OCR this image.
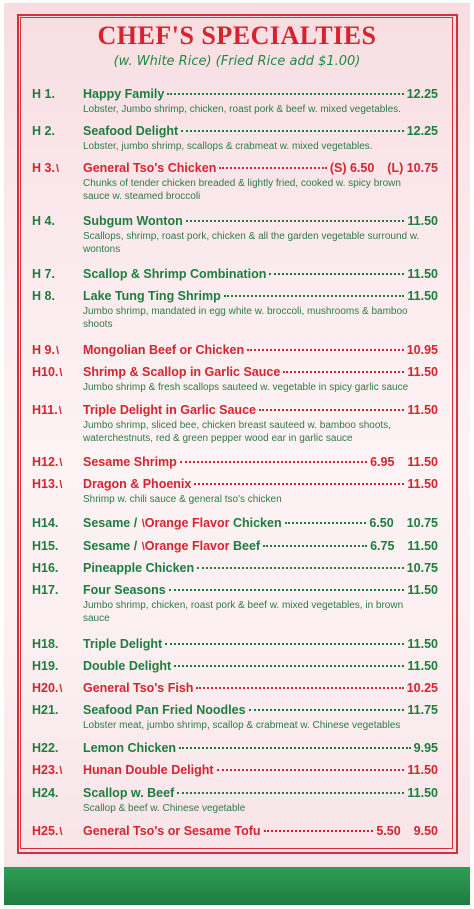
CHEF'S SPECIALTIES
(w. White Rice) (Fried Rice add $1.00)
H 1.	Happy Family	12.25
Lobster, Jumbo shrimp, chicken, roast pork & beef w. mixed vegetables.
H 2.	Seafood Delight	12.25
Lobster, jumbo shrimp, scallops & crabmeat w. mixed vegetables.
H 3.\	General Tso's Chicken	(S) 6.50 (L) 10.75
Chunks of tender chicken breaded & lightly fried, cooked w. spicy brown sauce w. steamed broccoli
H 4.	Subgum Wonton	11.50
Scallops, shrimp, roast pork, chicken & all the garden vegetable surround w. wontons
H 7.	Scallop & Shrimp Combination	11.50
H 8.	Lake Tung Ting Shrimp	11.50
Jumbo shrimp, mandated in egg white w. broccoli, mushrooms & bamboo shoots
H 9.\	Mongolian Beef or Chicken	10.95
H10.\	Shrimp & Scallop in Garlic Sauce	11.50
Jumbo shrimp & fresh scallops sauteed w. vegetable in spicy garlic sauce
H11.\	Triple Delight in Garlic Sauce	11.50
Jumbo shrimp, sliced bee, chicken breast sauteed w. bamboo shoots, waterchestnuts, red & green pepper wood ear in garlic sauce
H12.\	Sesame Shrimp	6.95 11.50
H13.\	Dragon & Phoenix	11.50
Shrimp w. chili sauce & general tso's chicken
H14.	Sesame / \Orange Flavor Chicken	6.50 10.75
H15.	Sesame / \Orange Flavor Beef	6.75 11.50
H16.	Pineapple Chicken	10.75
H17.	Four Seasons	11.50
Jumbo shrimp, chicken, roast pork & beef w. mixed vegetables, in brown sauce
H18.	Triple Delight	11.50
H19.	Double Delight	11.50
H20.\	General Tso's Fish	10.25
H21.	Seafood Pan Fried Noodles	11.75
Lobster meat, jumbo shrimp, scallop & crabmeat w. Chinese vegetables
H22.	Lemon Chicken	9.95
H23.\	Hunan Double Delight	11.50
H24.	Scallop w. Beef	11.50
Scallop & beef w. Chinese vegetable
H25.\	General Tso's or Sesame Tofu	5.50 9.50
